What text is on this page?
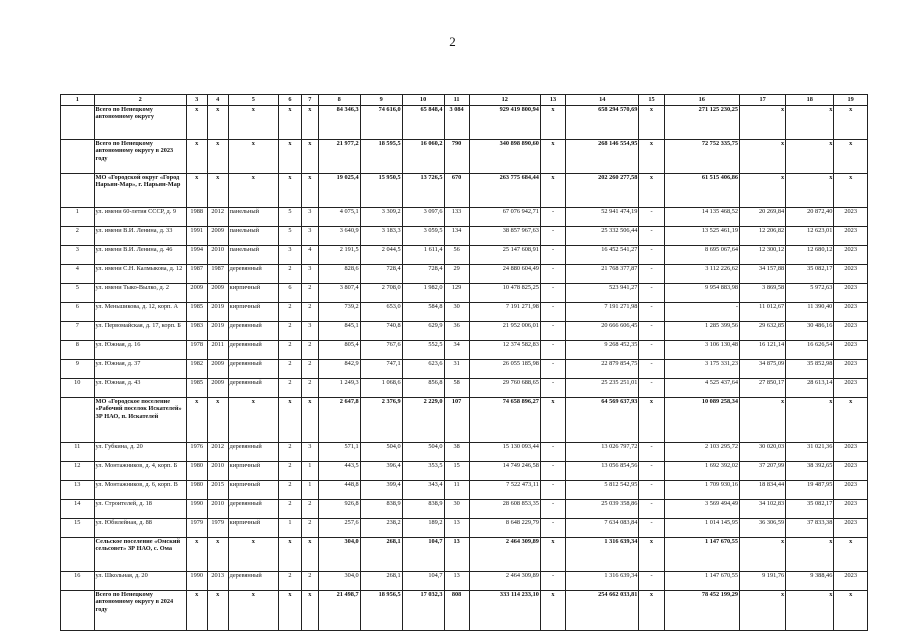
2
1	2	3	4	5	6	7	8	9	10	11	12	13	14	15	16	17	18	19
	Всего по Ненецкому автономному округу	х	х	х	х	х	84 346,3	74 616,0	65 848,4	3 084	929 419 800,94	х	658 294 570,69	х	271 125 230,25	х	х	х
	Всего по Ненецкому автономному округу в 2023 году	х	х	х	х	х	21 977,2	18 595,5	16 060,2	790	340 898 890,60	х	268 146 554,95	х	72 752 335,75	х	х	х
	МО «Городской округ «Город Нарьян-Мар», г. Нарьян-Мар	х	х	х	х	х	19 025,4	15 950,5	13 726,5	670	263 775 684,44	х	202 260 277,58	х	61 515 406,86	х	х	х
1	ул. имени 60-летия СССР, д. 9	1988	2012	панельный	5	3	4 075,1	3 309,2	3 097,6	133	67 076 942,71	-	52 941 474,19	-	14 135 468,52	20 269,84	20 872,40	2023
2	ул. имени В.И. Ленина, д. 33	1991	2009	панельный	5	3	3 640,9	3 183,3	3 059,5	134	38 857 967,63	-	25 332 506,44	-	13 525 461,19	12 206,82	12 623,01	2023
3	ул. имени В.И. Ленина, д. 46	1994	2010	панельный	3	4	2 191,5	2 044,5	1 611,4	56	25 147 608,91	-	16 452 541,27	-	8 695 067,64	12 300,12	12 680,12	2023
4	ул. имени С.Н. Калмыкова, д. 12	1987	1987	деревянный	2	3	828,6	728,4	728,4	29	24 880 604,49	-	21 768 377,87	-	3 112 226,62	34 157,88	35 082,17	2023
5	ул. имени Тыко-Вылко, д. 2	2009	2009	кирпичный	6	2	3 807,4	2 708,0	1 982,0	129	10 478 825,25	-	523 941,27	-	9 954 883,98	3 869,58	5 972,63	2023
6	ул. Меньшикова, д. 12, корп. А	1985	2019	кирпичный	2	2	739,2	653,0	584,8	30	7 191 271,98	-	7 191 271,98	-	-	11 012,67	11 390,40	2023
7	ул. Первомайская, д. 17, корп. Б	1983	2019	деревянный	2	3	845,1	740,8	629,9	36	21 952 006,01	-	20 666 606,45	-	1 285 399,56	29 632,85	30 486,16	2023
8	ул. Южная, д. 16	1978	2011	деревянный	2	2	805,4	767,6	552,5	34	12 374 582,83	-	9 268 452,35	-	3 106 130,48	16 121,14	16 626,54	2023
9	ул. Южная, д. 37	1982	2009	деревянный	2	2	842,9	747,1	623,6	31	26 055 185,98	-	22 879 854,75	-	3 175 331,23	34 875,09	35 852,98	2023
10	ул. Южная, д. 43	1985	2009	деревянный	2	2	1 249,3	1 068,6	856,8	58	29 760 688,65	-	25 235 251,01	-	4 525 437,64	27 850,17	28 613,14	2023
	МО «Городское поселение «Рабочий поселок Искателей» ЗР НАО, п. Искателей	х	х	х	х	х	2 647,8	2 376,9	2 229,0	107	74 658 896,27	х	64 569 637,93	х	10 089 258,34	х	х	х
11	ул. Губкина, д. 20	1976	2012	деревянный	2	3	571,1	504,0	504,0	38	15 130 093,44	-	13 026 797,72	-	2 103 295,72	30 020,03	31 021,36	2023
12	ул. Монтажников, д. 4, корп. Б	1980	2010	кирпичный	2	1	443,5	396,4	353,5	15	14 749 246,58	-	13 056 854,56	-	1 692 392,02	37 207,99	38 392,65	2023
13	ул. Монтажников, д. 6, корп. В	1980	2015	кирпичный	2	1	448,8	399,4	343,4	11	7 522 473,11	-	5 812 542,95	-	1 709 930,16	18 834,44	19 487,95	2023
14	ул. Строителей, д. 18	1990	2010	деревянный	2	2	926,8	838,9	838,9	30	28 608 853,35	-	25 039 358,86	-	3 569 494,49	34 102,83	35 082,17	2023
15	ул. Юбилейная, д. 88	1979	1979	кирпичный	1	2	257,6	238,2	189,2	13	8 648 229,79	-	7 634 083,84	-	1 014 145,95	36 306,59	37 833,38	2023
	Сельское поселение «Омский сельсовет» ЗР НАО, с. Ома	х	х	х	х	х	304,0	268,1	104,7	13	2 464 309,89	х	1 316 639,34	х	1 147 670,55	х	х	х
16	ул. Школьная, д. 20	1990	2013	деревянный	2	2	304,0	268,1	104,7	13	2 464 309,89	-	1 316 639,34	-	1 147 670,55	9 191,76	9 388,46	2023
	Всего по Ненецкому автономному округу в 2024 году	х	х	х	х	х	21 498,7	18 956,5	17 032,3	808	333 114 233,10	х	254 662 033,81	х	78 452 199,29	х	х	х
